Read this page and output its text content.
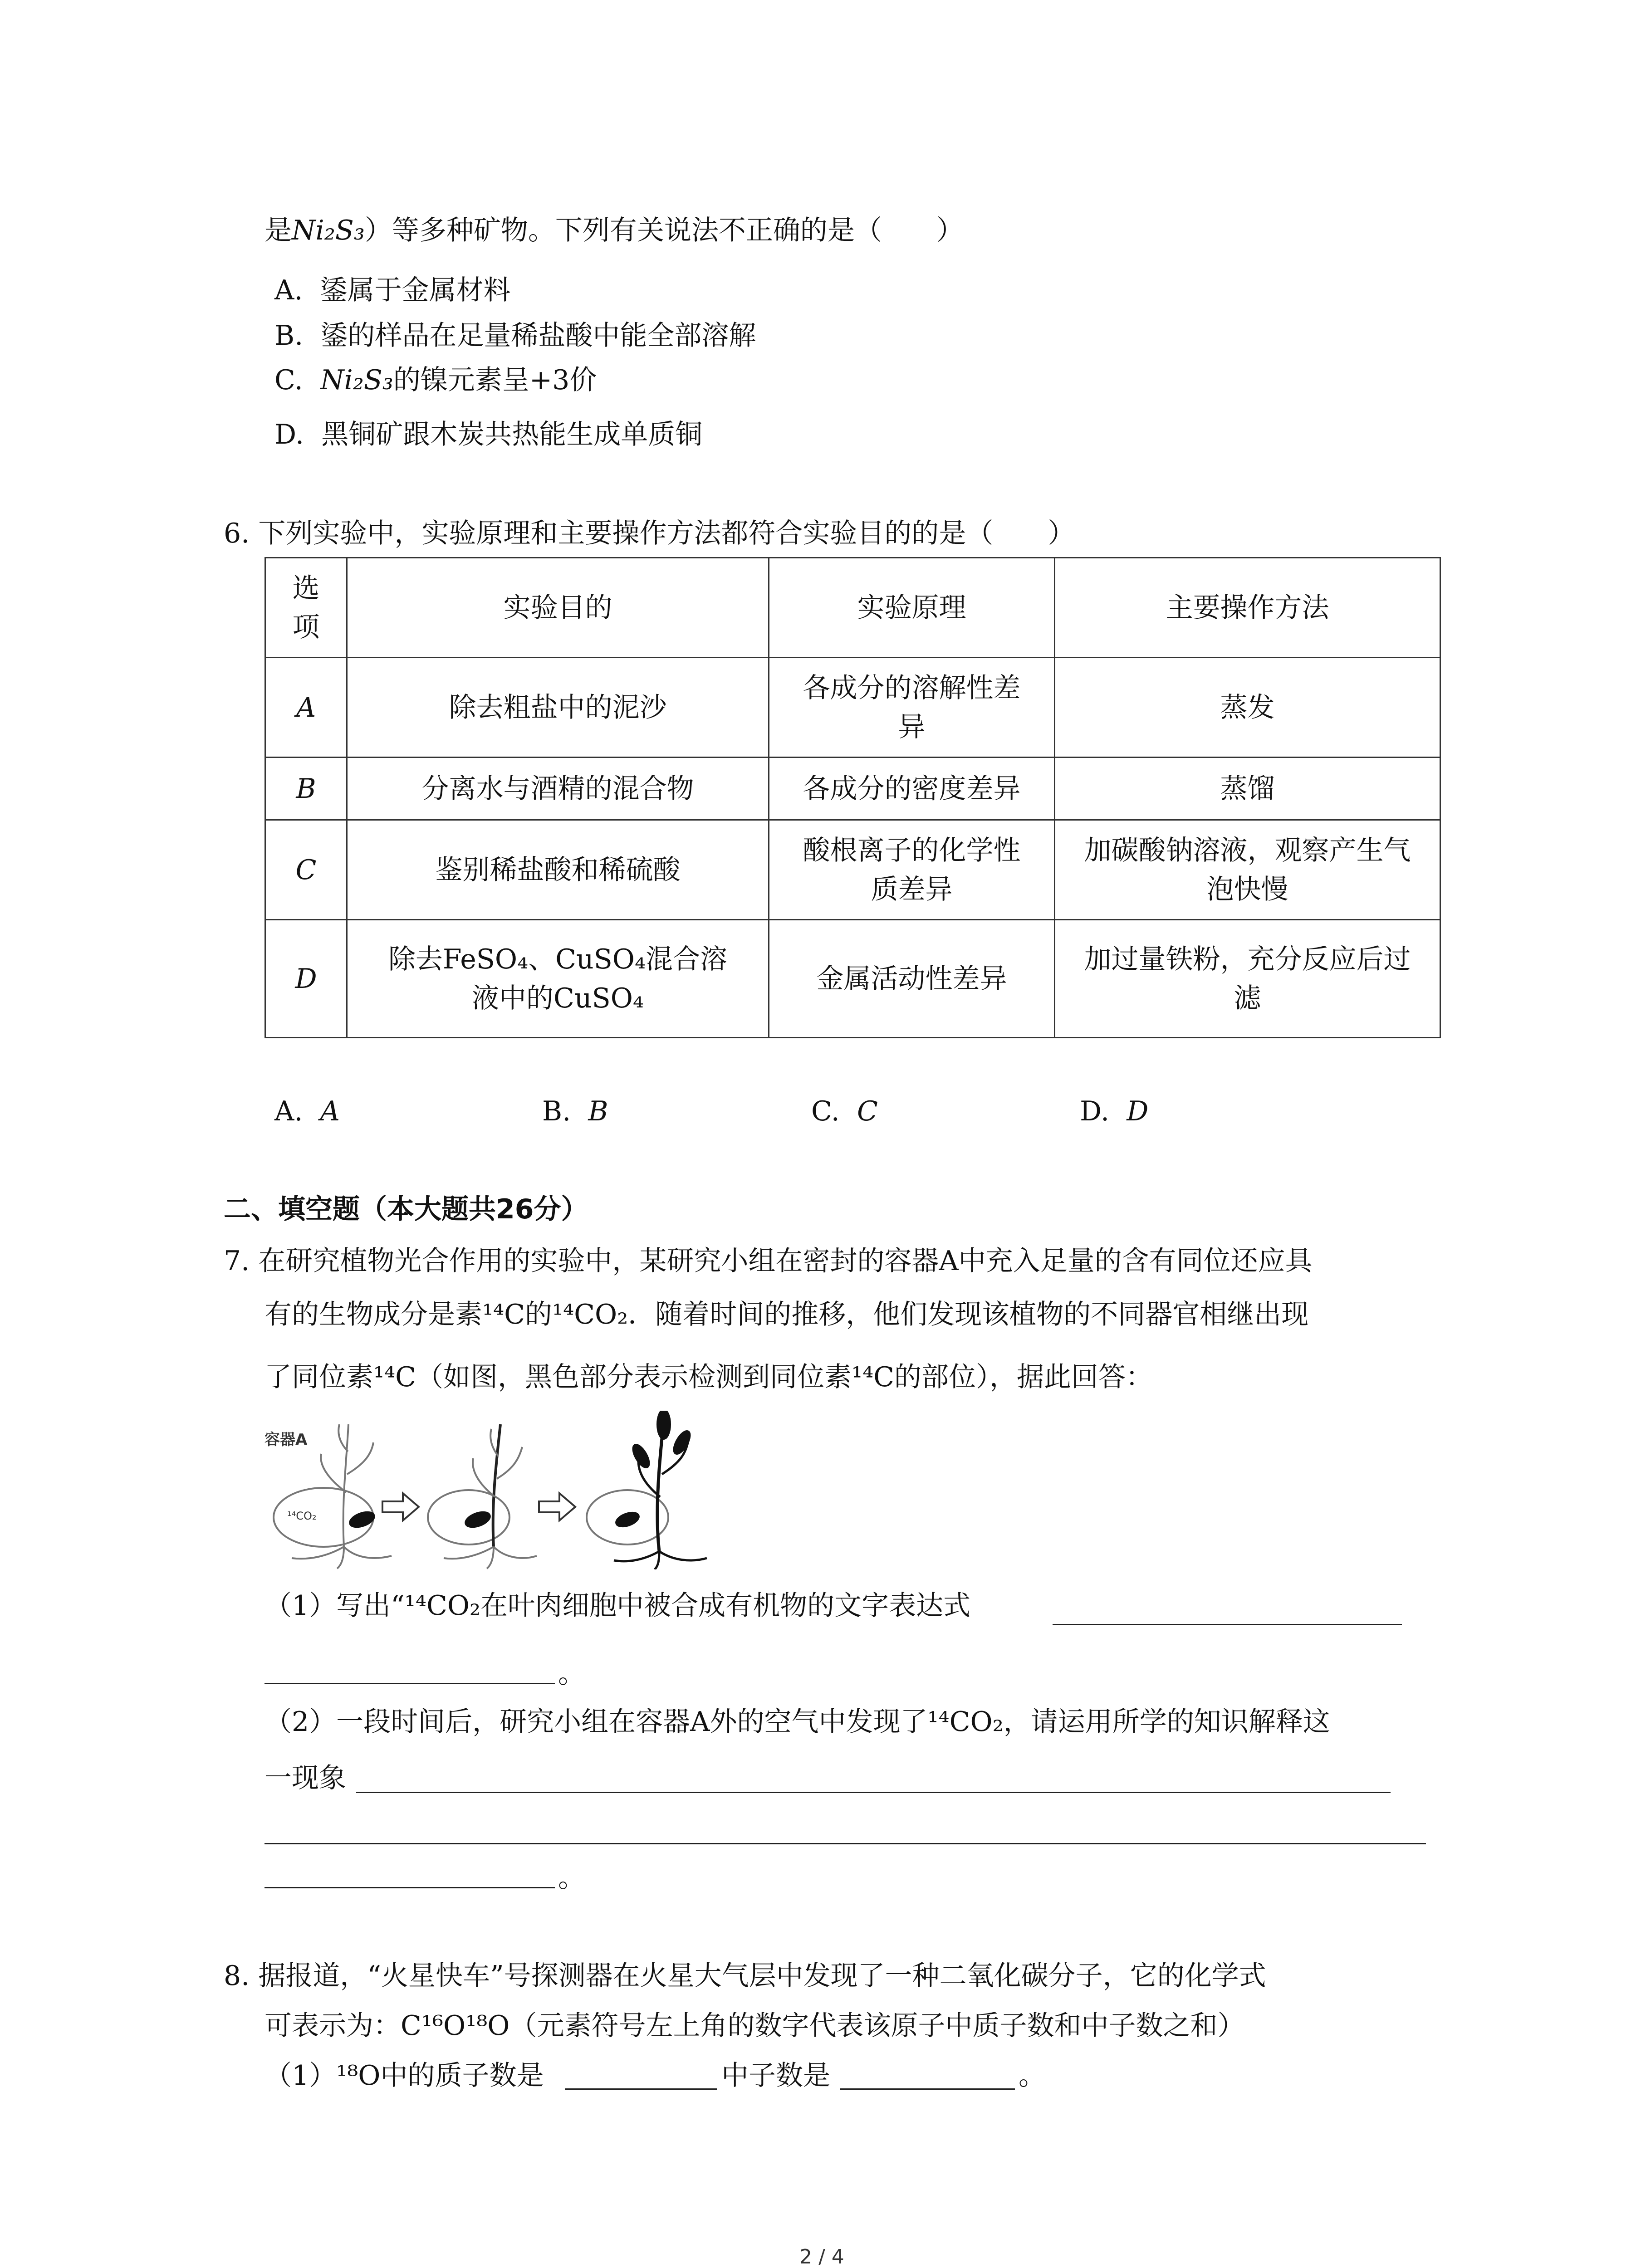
是Ni₂S₃）等多种矿物。下列有关说法不正确的是（　　）
A. 鋈属于金属材料
B. 鋈的样品在足量稀盐酸中能全部溶解
C. Ni₂S₃的镍元素呈+3价
D. 黑铜矿跟木炭共热能生成单质铜
6. 下列实验中，实验原理和主要操作方法都符合实验目的的是（　　）
选项	实验目的	实验原理	主要操作方法
A	除去粗盐中的泥沙	各成分的溶解性差异	蒸发
B	分离水与酒精的混合物	各成分的密度差异	蒸馏
C	鉴别稀盐酸和稀硫酸	酸根离子的化学性质差异	加碳酸钠溶液，观察产生气泡快慢
D	除去FeSO₄、CuSO₄混合溶液中的CuSO₄	金属活动性差异	加过量铁粉，充分反应后过滤
A. A	B. B	C. C	D. D
二、填空题（本大题共26分）
7. 在研究植物光合作用的实验中，某研究小组在密封的容器A中充入足量的含有同位还应具
有的生物成分是素¹⁴C的¹⁴CO₂．随着时间的推移，他们发现该植物的不同器官相继出现
了同位素¹⁴C（如图，黑色部分表示检测到同位素¹⁴C的部位），据此回答：
容器A
¹⁴CO₂
（1）写出“¹⁴CO₂在叶肉细胞中被合成有机物的文字表达式
。
（2）一段时间后，研究小组在容器A外的空气中发现了¹⁴CO₂，请运用所学的知识解释这
一现象
。
8. 据报道，“火星快车”号探测器在火星大气层中发现了一种二氧化碳分子，它的化学式
可表示为：C¹⁶O¹⁸O（元素符号左上角的数字代表该原子中质子数和中子数之和）
（1）¹⁸O中的质子数是	中子数是	。
2 / 4
